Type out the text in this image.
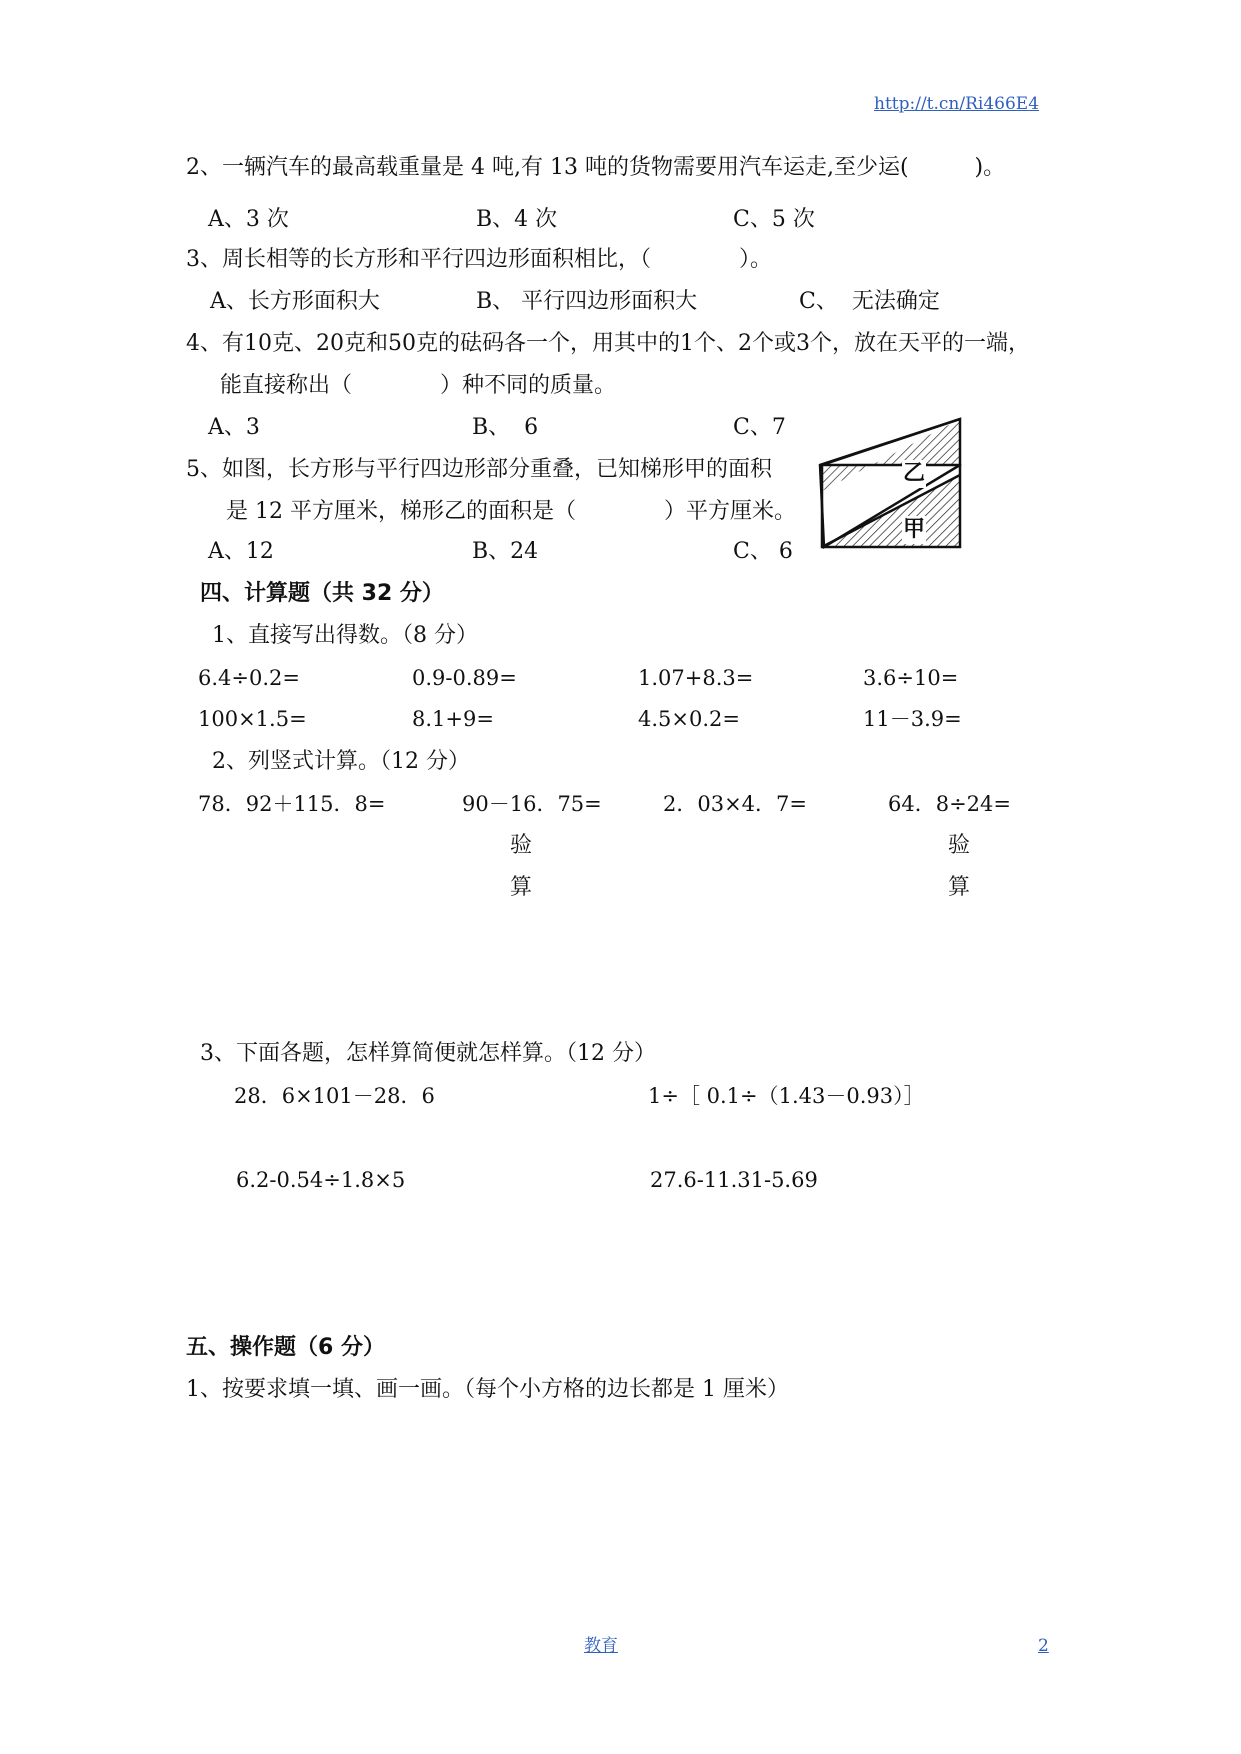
http://t.cn/Ri466E4
2、一辆汽车的最高载重量是 4 吨,有 13 吨的货物需要用汽车运走,至少运(　　　)。
A、3 次	B、4 次	C、5 次
3、周长相等的长方形和平行四边形面积相比，（　　　　）。
A、长方形面积大	B、 平行四边形面积大	C、  无法确定
4、有10克、20克和50克的砝码各一个，用其中的1个、2个或3个，放在天平的一端，
能直接称出（　　　　）种不同的质量。
A、3	B、  6	C、7
乙
甲
5、如图，长方形与平行四边形部分重叠，已知梯形甲的面积
是 12 平方厘米，梯形乙的面积是（　　　　）平方厘米。
A、12	B、24	C、 6
四、计算题（共 32 分）
1、直接写出得数。（8 分）
6.4÷0.2=	0.9-0.89=	1.07+8.3=	3.6÷10=
100×1.5=	8.1+9=	4.5×0.2=	11－3.9=
2、列竖式计算。（12 分）
78．92＋115．8=	90－16．75=	2．03×4．7=	64．8÷24=
验
算
验
算
3、下面各题，怎样算简便就怎样算。（12 分）
28．6×101－28．6	1÷［ 0.1÷（1.43－0.93）］
6.2-0.54÷1.8×5	27.6-11.31-5.69
五、操作题（6 分）
1、按要求填一填、画一画。（每个小方格的边长都是 1 厘米）
教育	2
